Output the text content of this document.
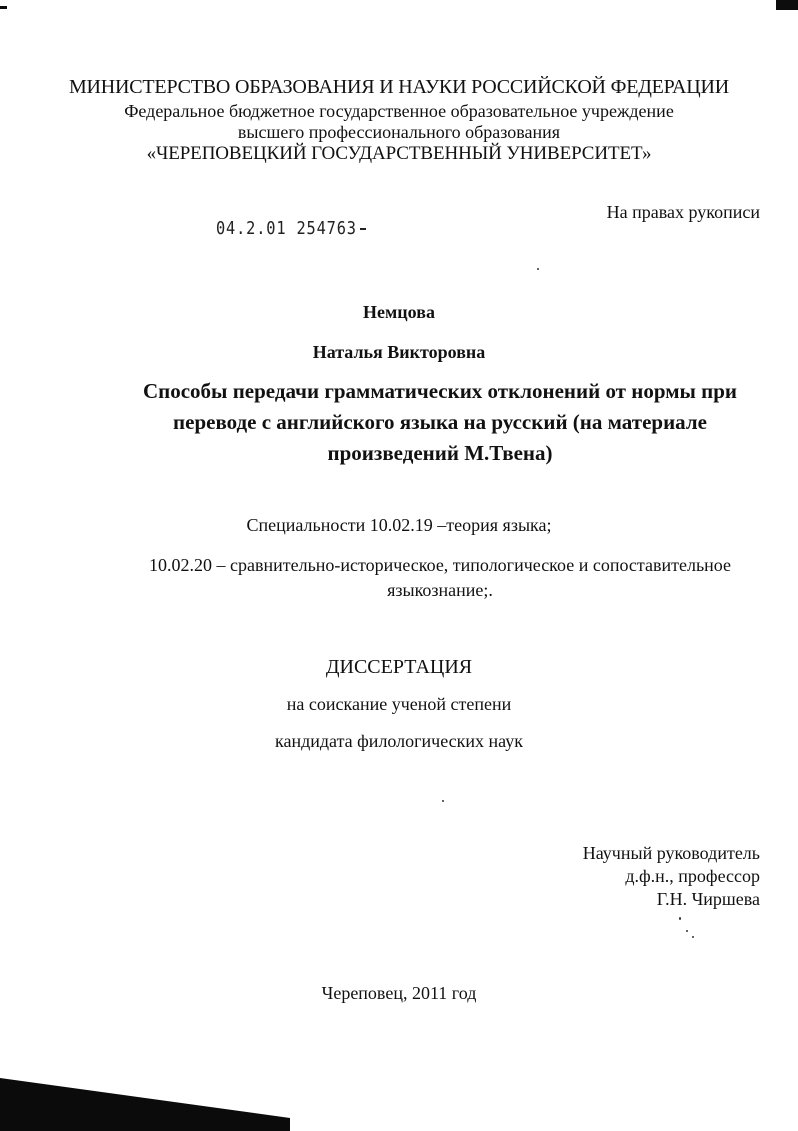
МИНИСТЕРСТВО ОБРАЗОВАНИЯ И НАУКИ РОССИЙСКОЙ ФЕДЕРАЦИИ
Федеральное бюджетное государственное образовательное учреждение
высшего профессионального образования
«ЧЕРЕПОВЕЦКИЙ ГОСУДАРСТВЕННЫЙ УНИВЕРСИТЕТ»
На правах рукописи
04.2.01 254763
Немцова
Наталья Викторовна
Способы передачи грамматических отклонений от нормы при
переводе с английского языка на русский (на материале
произведений М.Твена)
Специальности 10.02.19 –теория языка;
10.02.20 – сравнительно-историческое, типологическое и сопоставительное
языкознание;.
ДИССЕРТАЦИЯ
на соискание ученой степени
кандидата филологических наук
Научный руководитель
д.ф.н., профессор
Г.Н. Чиршева
Череповец, 2011 год
